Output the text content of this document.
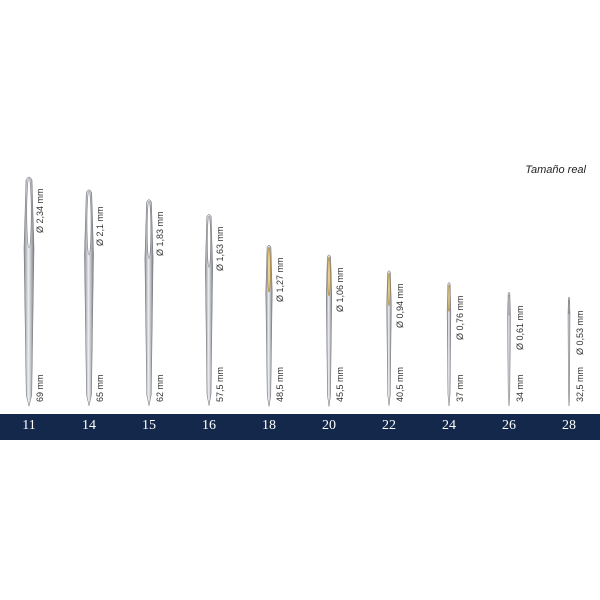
Tamaño real
Ø 2,34 mm
69 mm
11
Ø 2,1 mm
65 mm
14
Ø 1,83 mm
62 mm
15
Ø 1,63 mm
57,5 mm
16
Ø 1,27 mm
48,5 mm
18
Ø 1,06 mm
45,5 mm
20
Ø 0,94 mm
40,5 mm
22
Ø 0,76 mm
37 mm
24
Ø 0,61 mm
34 mm
26
Ø 0,53 mm
32,5 mm
28
